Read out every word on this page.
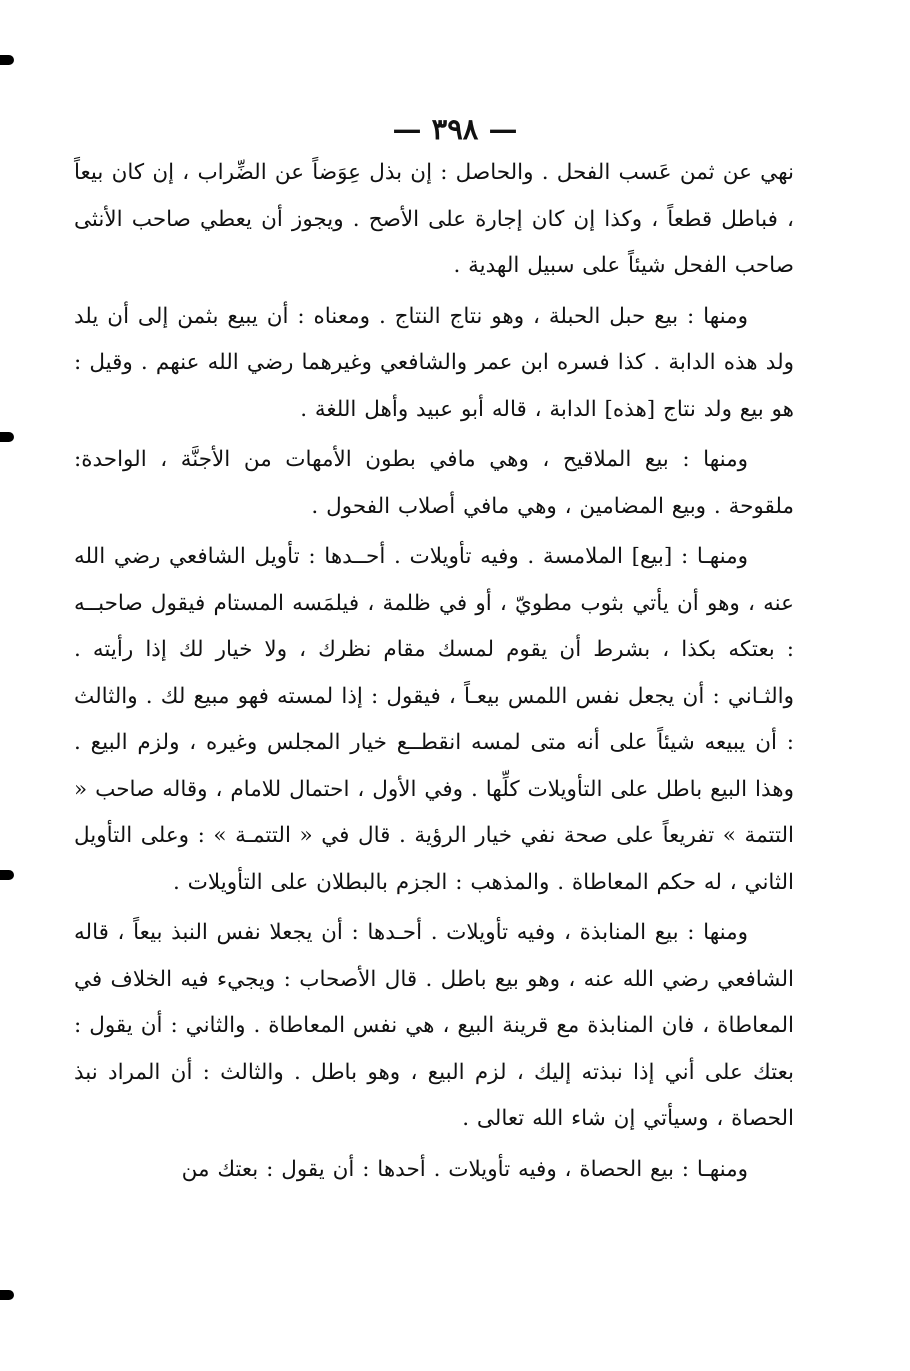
— ٣٩٨ —

نهي عن ثمن عَسب الفحل . والحاصل : إن بذل عِوَضاً عن الضِّراب ، إن كان بيعاً ، فباطل قطعاً ، وكذا إن كان إجارة على الأصح . ويجوز أن يعطي صاحب الأنثى صاحب الفحل شيئاً على سبيل الهدية .

ومنها : بيع حبل الحبلة ، وهو نتاج النتاج . ومعناه : أن يبيع بثمن إلى أن يلد ولد هذه الدابة . كذا فسره ابن عمر والشافعي وغيرهما رضي الله عنهم . وقيل : هو بيع ولد نتاج [هذه] الدابة ، قاله أبو عبيد وأهل اللغة .

ومنها : بيع الملاقيح ، وهي مافي بطون الأمهات من الأجنَّة ، الواحدة: ملقوحة . وبيع المضامين ، وهي مافي أصلاب الفحول .

ومنهـا : [بيع] الملامسة . وفيه تأويلات . أحــدها : تأويل الشافعي رضي الله عنه ، وهو أن يأتي بثوب مطويّ ، أو في ظلمة ، فيلمَسه المستام فيقول صاحبــه : بعتكه بكذا ، بشرط أن يقوم لمسك مقام نظرك ، ولا خيار لك إذا رأيته . والثـاني : أن يجعل نفس اللمس بيعـاً ، فيقول : إذا لمسته فهو مبيع لك . والثالث : أن يبيعه شيئاً على أنه متى لمسه انقطــع خيار المجلس وغيره ، ولزم البيع . وهذا البيع باطل على التأويلات كلِّها . وفي الأول ، احتمال للامام ، وقاله صاحب « التتمة » تفريعاً على صحة نفي خيار الرؤية . قال في « التتمـة » : وعلى التأويل الثاني ، له حكم المعاطاة . والمذهب : الجزم بالبطلان على التأويلات .

ومنها : بيع المنابذة ، وفيه تأويلات . أحـدها : أن يجعلا نفس النبذ بيعاً ، قاله الشافعي رضي الله عنه ، وهو بيع باطل . قال الأصحاب : ويجيء فيه الخلاف في المعاطاة ، فان المنابذة مع قرينة البيع ، هي نفس المعاطاة . والثاني : أن يقول : بعتك على أني إذا نبذته إليك ، لزم البيع ، وهو باطل . والثالث : أن المراد نبذ الحصاة ، وسيأتي إن شاء الله تعالى .

ومنهـا : بيع الحصاة ، وفيه تأويلات . أحدها : أن يقول : بعتك من
